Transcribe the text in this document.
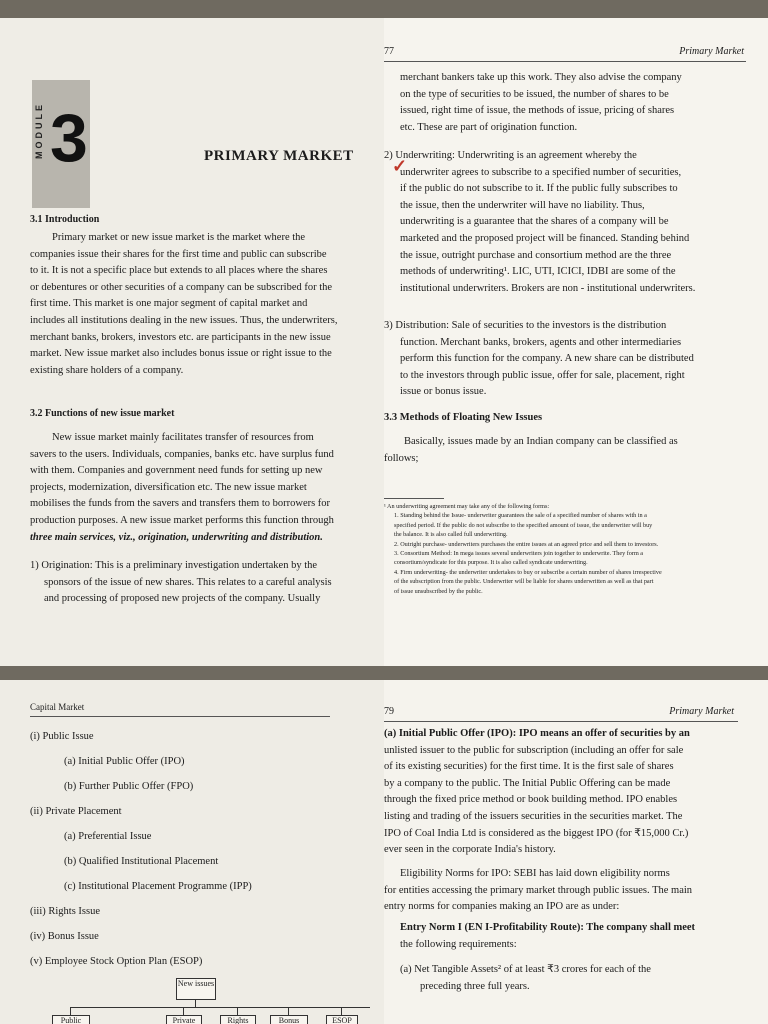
MODULE 3	PRIMARY MARKET
3.1 Introduction
Primary market or new issue market is the market where the
companies issue their shares for the first time and public can subscribe
to it. It is not a specific place but extends to all places where the shares
or debentures or other securities of a company can be subscribed for the
first time. This market is one major segment of capital market and
includes all institutions dealing in the new issues. Thus, the underwriters,
merchant banks, brokers, investors etc. are participants in the new issue
market. New issue market also includes bonus issue or right issue to the
existing share holders of a company.
3.2 Functions of new issue market
New issue market mainly facilitates transfer of resources from
savers to the users. Individuals, companies, banks etc. have surplus fund
with them. Companies and government need funds for setting up new
projects, modernization, diversification etc. The new issue market
mobilises the funds from the savers and transfers them to borrowers for
production purposes. A new issue market performs this function through
three main services, viz., origination, underwriting and distribution.
1) Origination: This is a preliminary investigation undertaken by the
sponsors of the issue of new shares. This relates to a careful analysis
and processing of proposed new projects of the company. Usually
77	Primary Market
merchant bankers take up this work. They also advise the company
on the type of securities to be issued, the number of shares to be
issued, right time of issue, the methods of issue, pricing of shares
etc. These are part of origination function.
2) Underwriting: Underwriting is an agreement whereby the
underwriter agrees to subscribe to a specified number of securities,
if the public do not subscribe to it. If the public fully subscribes to
the issue, then the underwriter will have no liability. Thus,
underwriting is a guarantee that the shares of a company will be
marketed and the proposed project will be financed. Standing behind
the issue, outright purchase and consortium method are the three
methods of underwriting¹. LIC, UTI, ICICI, IDBI are some of the
institutional underwriters. Brokers are non - institutional underwriters.
3) Distribution: Sale of securities to the investors is the distribution
function. Merchant banks, brokers, agents and other intermediaries
perform this function for the company. A new share can be distributed
to the investors through public issue, offer for sale, placement, right
issue or bonus issue.
3.3 Methods of Floating New Issues
Basically, issues made by an Indian company can be classified as
follows;
¹ An underwriting agreement may take any of the following forms:
1. Standing behind the Issue- underwriter guarantees the sale of a specified number of shares with in a
specified period. If the public do not subscribe to the specified amount of issue, the underwriter will buy
the balance. It is also called full underwriting.
2. Outright purchase- underwriters purchases the entire issues at an agreed price and sell them to investors.
3. Consortium Method: In mega issues several underwriters join together to underwrite. They form a
consortium/syndicate for this purpose. It is also called syndicate underwriting.
4. Firm underwriting- the underwriter undertakes to buy or subscribe a certain number of shares irrespective
of the subscription from the public. Underwriter will be liable for shares underwritten as well as that part
of issue unsubscribed by the public.
✓
Capital Market
(i) Public Issue
(a) Initial Public Offer (IPO)
(b) Further Public Offer (FPO)
(ii) Private Placement
(a) Preferential Issue
(b) Qualified Institutional Placement
(c) Institutional Placement Programme (IPP)
(iii) Rights Issue
(iv) Bonus Issue
(v) Employee Stock Option Plan (ESOP)
New issues
Public	Private	Rights	Bonus	ESOP
79	Primary Market
(a) Initial Public Offer (IPO): IPO means an offer of securities by an
unlisted issuer to the public for subscription (including an offer for sale
of its existing securities) for the first time. It is the first sale of shares
by a company to the public. The Initial Public Offering can be made
through the fixed price method or book building method. IPO enables
listing and trading of the issuers securities in the securities market. The
IPO of Coal India Ltd is considered as the biggest IPO (for ₹15,000 Cr.)
ever seen in the corporate India's history.
Eligibility Norms for IPO: SEBI has laid down eligibility norms
for entities accessing the primary market through public issues. The main
entry norms for companies making an IPO are as under:
Entry Norm I (EN I-Profitability Route): The company shall meet
the following requirements:
(a) Net Tangible Assets² of at least ₹3 crores for each of the
preceding three full years.
